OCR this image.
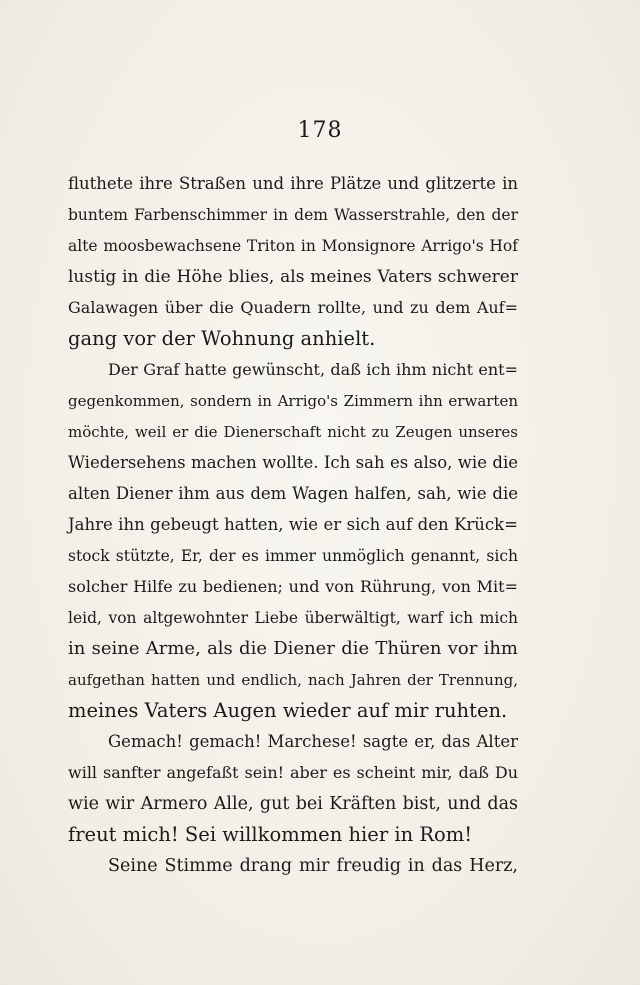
178
fluthete ihre Straßen und ihre Plätze und glitzerte in
buntem Farbenschimmer in dem Wasserstrahle, den der
alte moosbewachsene Triton in Monsignore Arrigo's Hof
lustig in die Höhe blies, als meines Vaters schwerer
Galawagen über die Quadern rollte, und zu dem Auf=
gang vor der Wohnung anhielt.
Der Graf hatte gewünscht, daß ich ihm nicht ent=
gegenkommen, sondern in Arrigo's Zimmern ihn erwarten
möchte, weil er die Dienerschaft nicht zu Zeugen unseres
Wiedersehens machen wollte. Ich sah es also, wie die
alten Diener ihm aus dem Wagen halfen, sah, wie die
Jahre ihn gebeugt hatten, wie er sich auf den Krück=
stock stützte, Er, der es immer unmöglich genannt, sich
solcher Hilfe zu bedienen; und von Rührung, von Mit=
leid, von altgewohnter Liebe überwältigt, warf ich mich
in seine Arme, als die Diener die Thüren vor ihm
aufgethan hatten und endlich, nach Jahren der Trennung,
meines Vaters Augen wieder auf mir ruhten.
Gemach! gemach! Marchese! sagte er, das Alter
will sanfter angefaßt sein! aber es scheint mir, daß Du
wie wir Armero Alle, gut bei Kräften bist, und das
freut mich! Sei willkommen hier in Rom!
Seine Stimme drang mir freudig in das Herz,
